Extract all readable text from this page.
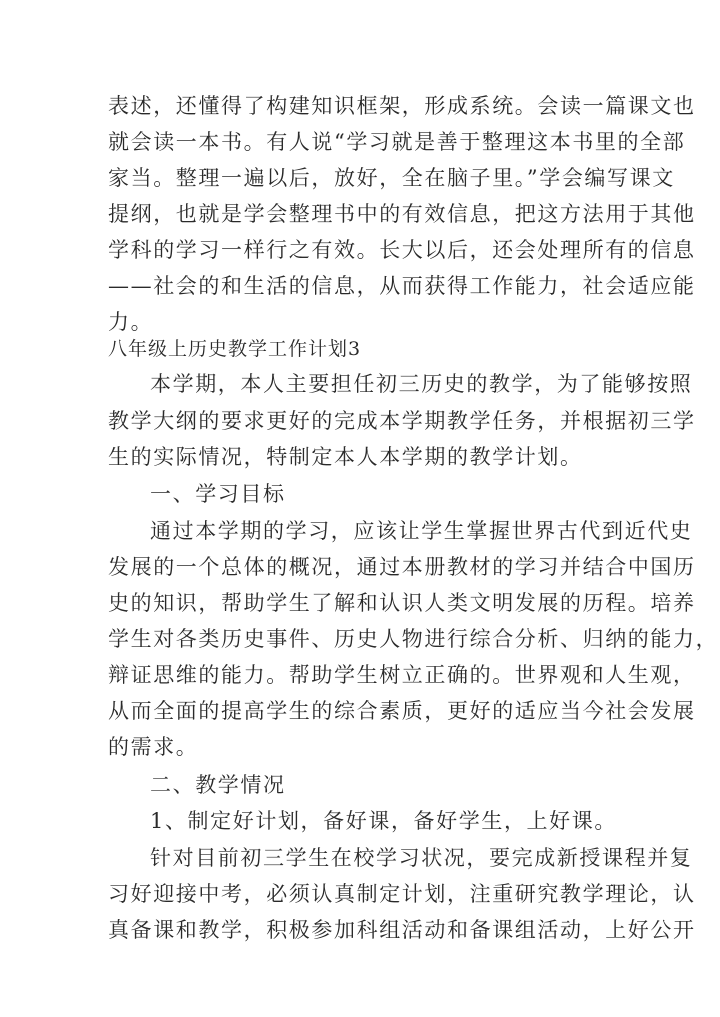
表述，还懂得了构建知识框架，形成系统。会读一篇课文也
就会读一本书。有人说“学习就是善于整理这本书里的全部
家当。整理一遍以后，放好，全在脑子里。”学会编写课文
提纲，也就是学会整理书中的有效信息，把这方法用于其他
学科的学习一样行之有效。长大以后，还会处理所有的信息
——社会的和生活的信息，从而获得工作能力，社会适应能
力。
八年级上历史教学工作计划3
本学期，本人主要担任初三历史的教学，为了能够按照
教学大纲的要求更好的完成本学期教学任务，并根据初三学
生的实际情况，特制定本人本学期的教学计划。
一、学习目标
通过本学期的学习，应该让学生掌握世界古代到近代史
发展的一个总体的概况，通过本册教材的学习并结合中国历
史的知识，帮助学生了解和认识人类文明发展的历程。培养
学生对各类历史事件、历史人物进行综合分析、归纳的能力，
辩证思维的能力。帮助学生树立正确的。世界观和人生观，
从而全面的提高学生的综合素质，更好的适应当今社会发展
的需求。
二、教学情况
1、制定好计划，备好课，备好学生，上好课。
针对目前初三学生在校学习状况，要完成新授课程并复
习好迎接中考，必须认真制定计划，注重研究教学理论，认
真备课和教学，积极参加科组活动和备课组活动，上好公开
